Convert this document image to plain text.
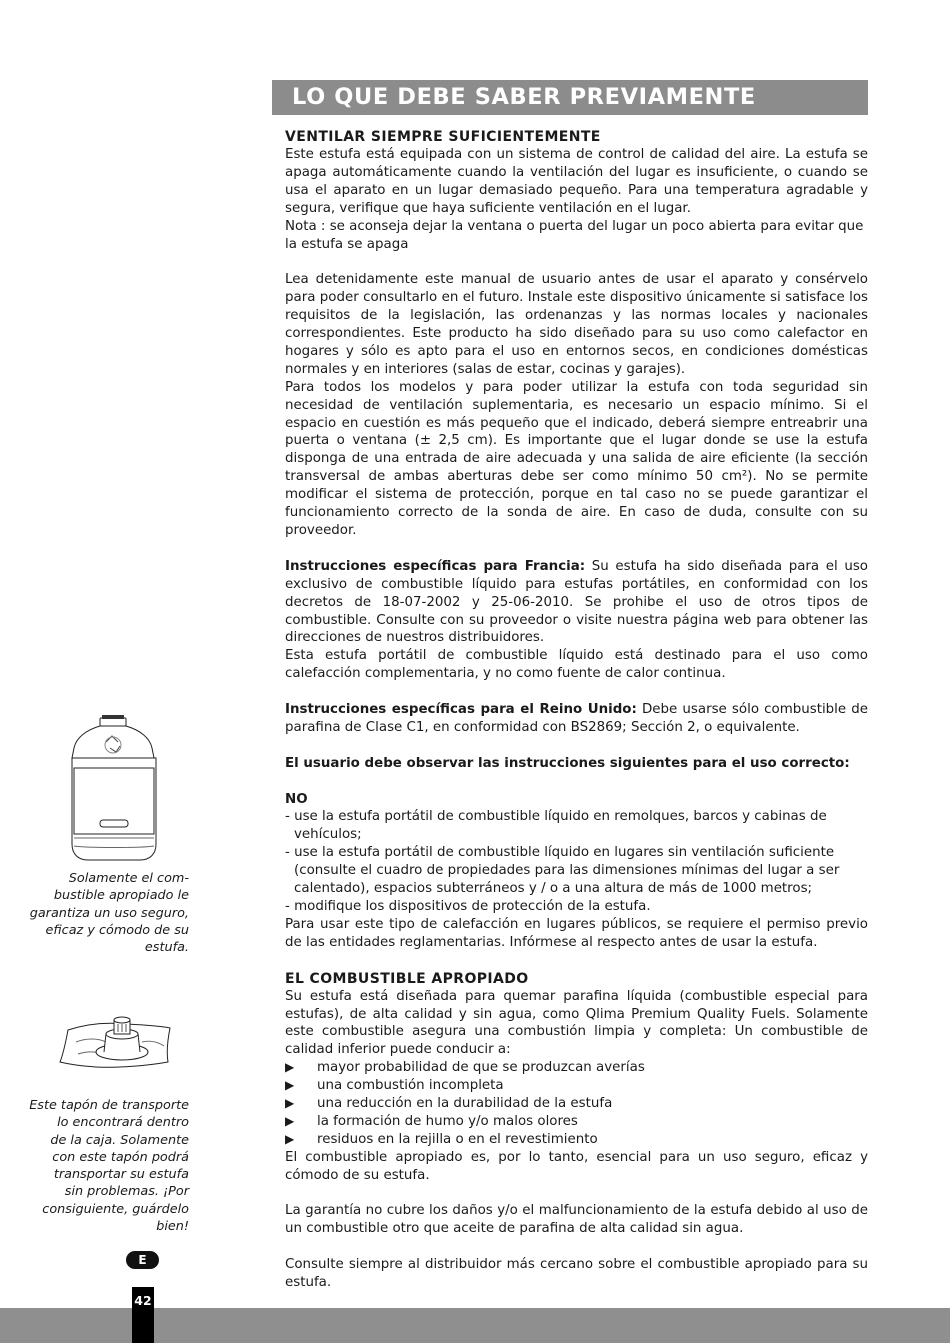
LO QUE DEBE SABER PREVIAMENTE
VENTILAR SIEMPRE SUFICIENTEMENTE

Este estufa está equipada con un sistema de control de calidad del aire. La estufa se apaga automáticamente cuando la ventilación del lugar es insuficiente, o cuando se usa el aparato en un lugar demasiado pequeño. Para una temperatura agradable y segura, verifique que haya suficiente ventilación en el lugar.

Nota : se aconseja dejar la ventana o puerta del lugar un poco abierta para evitar que la estufa se apaga

Lea detenidamente este manual de usuario antes de usar el aparato y consérvelo para poder consultarlo en el futuro. Instale este dispositivo únicamente si satisface los requisitos de la legislación, las ordenanzas y las normas locales y nacionales correspondientes. Este producto ha sido diseñado para su uso como calefactor en hogares y sólo es apto para el uso en entornos secos, en condiciones domésticas normales y en interiores (salas de estar, cocinas y garajes).

Para todos los modelos y para poder utilizar la estufa con toda seguridad sin necesidad de ventilación suplementaria, es necesario un espacio mínimo. Si el espacio en cuestión es más pequeño que el indicado, deberá siempre entreabrir una puerta o ventana (± 2,5 cm). Es importante que el lugar donde se use la estufa disponga de una entrada de aire adecuada y una salida de aire eficiente (la sección transversal de ambas aberturas debe ser como mínimo 50 cm²). No se permite modificar el sistema de protección, porque en tal caso no se puede garantizar el funcionamiento correcto de la sonda de aire. En caso de duda, consulte con su proveedor.

Instrucciones específicas para Francia: Su estufa ha sido diseñada para el uso exclusivo de combustible líquido para estufas portátiles, en conformidad con los decretos de 18-07-2002 y 25-06-2010. Se prohibe el uso de otros tipos de combustible. Consulte con su proveedor o visite nuestra página web para obtener las direcciones de nuestros distribuidores.

Esta estufa portátil de combustible líquido está destinado para el uso como calefacción complementaria, y no como fuente de calor continua.

Instrucciones específicas para el Reino Unido: Debe usarse sólo combustible de parafina de Clase C1, en conformidad con BS2869; Sección 2, o equivalente.

El usuario debe observar las instrucciones siguientes para el uso correcto:

NO

- use la estufa portátil de combustible líquido en remolques, barcos y cabinas de vehículos;

- use la estufa portátil de combustible líquido en lugares sin ventilación suficiente (consulte el cuadro de propiedades para las dimensiones mínimas del lugar a ser calentado), espacios subterráneos y / o a una altura de más de 1000 metros;

- modifique los dispositivos de protección de la estufa.

Para usar este tipo de calefacción en lugares públicos, se requiere el permiso previo de las entidades reglamentarias. Infórmese al respecto antes de usar la estufa.

EL COMBUSTIBLE APROPIADO

Su estufa está diseñada para quemar parafina líquida (combustible especial para estufas), de alta calidad y sin agua, como Qlima Premium Quality Fuels. Solamente este combustible asegura una combustión limpia y completa: Un combustible de calidad inferior puede conducir a:

▶ mayor probabilidad de que se produzcan averías
▶ una combustión incompleta
▶ una reducción en la durabilidad de la estufa
▶ la formación de humo y/o malos olores
▶ residuos en la rejilla o en el revestimiento

El combustible apropiado es, por lo tanto, esencial para un uso seguro, eficaz y cómodo de su estufa.

La garantía no cubre los daños y/o el malfuncionamiento de la estufa debido al uso de un combustible otro que aceite de parafina de alta calidad sin agua.

Consulte siempre al distribuidor más cercano sobre el combustible apropiado para su estufa.

Solamente el com-
bustible apropiado le
garantiza un uso seguro,
eficaz y cómodo de su
estufa.
Este tapón de transporte
lo encontrará dentro
de la caja. Solamente
con este tapón podrá
transportar su estufa
sin problemas. ¡Por
consiguiente, guárdelo
bien!
E
42
